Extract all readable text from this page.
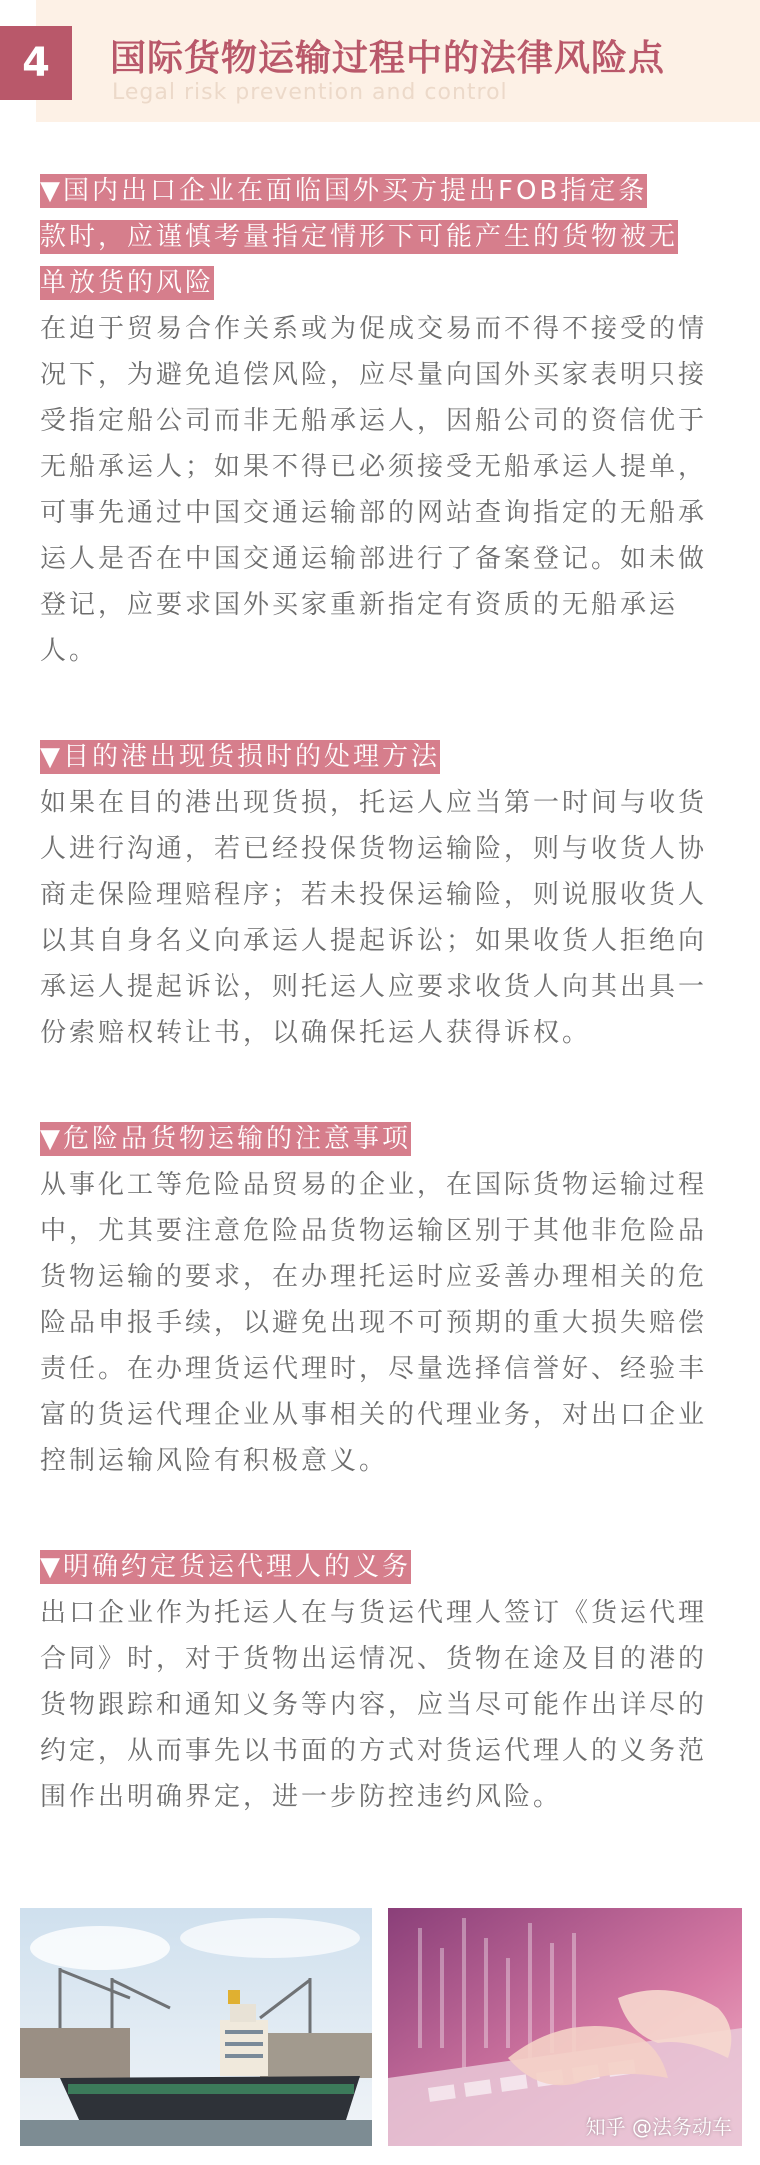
4	国际货物运输过程中的法律风险点
Legal risk prevention and control
▼国内出口企业在面临国外买方提出FOB指定条
款时，应谨慎考量指定情形下可能产生的货物被无
单放货的风险

在迫于贸易合作关系或为促成交易而不得不接受的情况下，为避免追偿风险，应尽量向国外买家表明只接受指定船公司而非无船承运人，因船公司的资信优于无船承运人；如果不得已必须接受无船承运人提单，可事先通过中国交通运输部的网站查询指定的无船承运人是否在中国交通运输部进行了备案登记。如未做登记，应要求国外买家重新指定有资质的无船承运人。

▼目的港出现货损时的处理方法

如果在目的港出现货损，托运人应当第一时间与收货人进行沟通，若已经投保货物运输险，则与收货人协商走保险理赔程序；若未投保运输险，则说服收货人以其自身名义向承运人提起诉讼；如果收货人拒绝向承运人提起诉讼，则托运人应要求收货人向其出具一份索赔权转让书，以确保托运人获得诉权。

▼危险品货物运输的注意事项

从事化工等危险品贸易的企业，在国际货物运输过程中，尤其要注意危险品货物运输区别于其他非危险品货物运输的要求，在办理托运时应妥善办理相关的危险品申报手续，以避免出现不可预期的重大损失赔偿责任。在办理货运代理时，尽量选择信誉好、经验丰富的货运代理企业从事相关的代理业务，对出口企业控制运输风险有积极意义。

▼明确约定货运代理人的义务

出口企业作为托运人在与货运代理人签订《货运代理合同》时，对于货物出运情况、货物在途及目的港的货物跟踪和通知义务等内容，应当尽可能作出详尽的约定，从而事先以书面的方式对货运代理人的义务范围作出明确界定，进一步防控违约风险。

知乎 @法务动车
